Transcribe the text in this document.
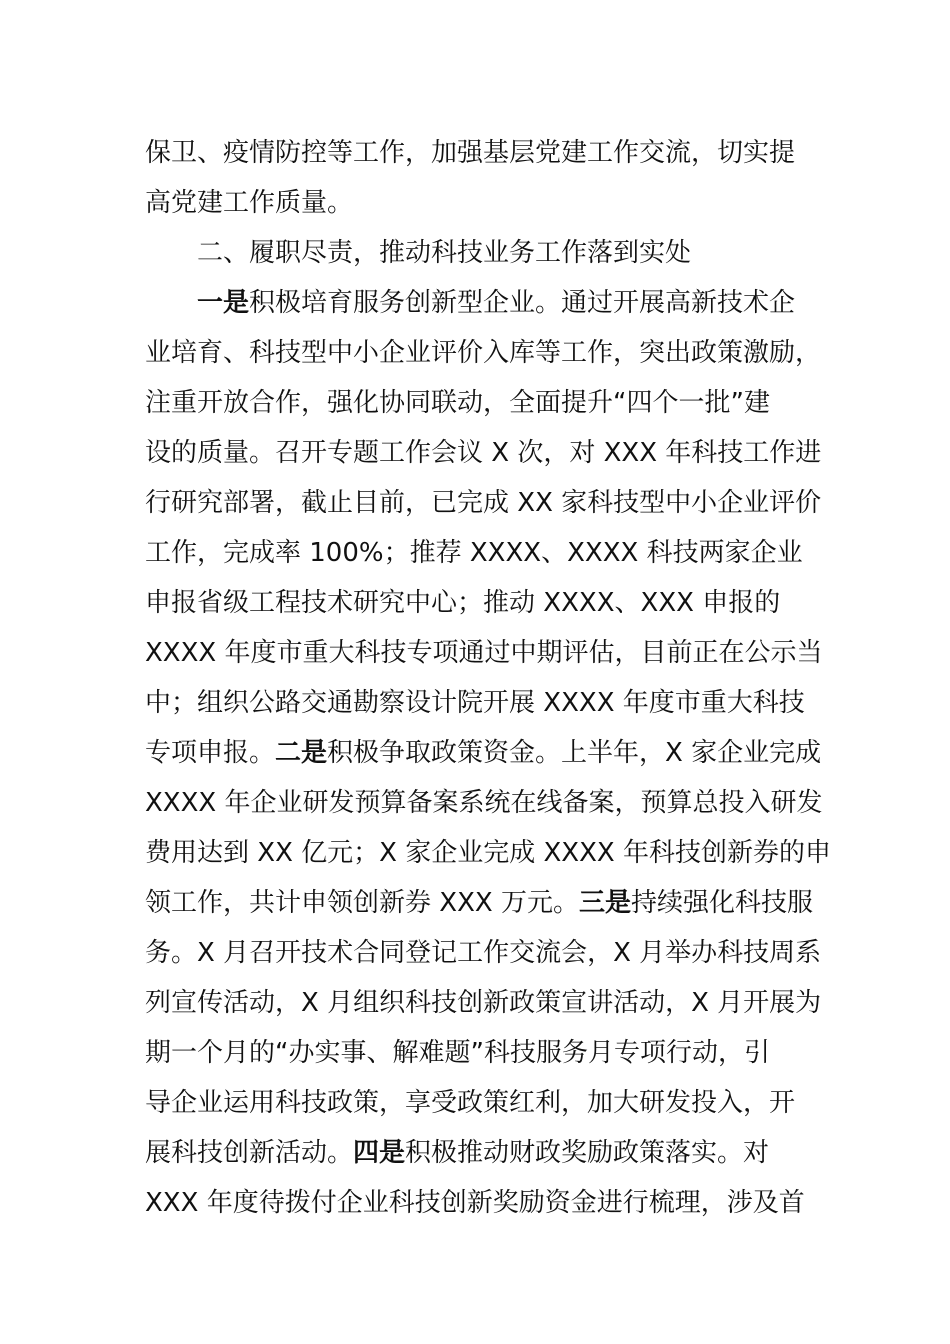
保卫、疫情防控等工作，加强基层党建工作交流，切实提
高党建工作质量。
二、履职尽责，推动科技业务工作落到实处
一是积极培育服务创新型企业。通过开展高新技术企
业培育、科技型中小企业评价入库等工作，突出政策激励，
注重开放合作，强化协同联动，全面提升“四个一批”建
设的质量。召开专题工作会议 X 次，对 XXX 年科技工作进
行研究部署，截止目前，已完成 XX 家科技型中小企业评价
工作，完成率 100%；推荐 XXXX、XXXX 科技两家企业
申报省级工程技术研究中心；推动 XXXX、XXX 申报的
XXXX 年度市重大科技专项通过中期评估，目前正在公示当
中；组织公路交通勘察设计院开展 XXXX 年度市重大科技
专项申报。二是积极争取政策资金。上半年，X 家企业完成
XXXX 年企业研发预算备案系统在线备案，预算总投入研发
费用达到 XX 亿元；X 家企业完成 XXXX 年科技创新券的申
领工作，共计申领创新券 XXX 万元。三是持续强化科技服
务。X 月召开技术合同登记工作交流会，X 月举办科技周系
列宣传活动，X 月组织科技创新政策宣讲活动，X 月开展为
期一个月的“办实事、解难题”科技服务月专项行动，引
导企业运用科技政策，享受政策红利，加大研发投入，开
展科技创新活动。四是积极推动财政奖励政策落实。对
XXX 年度待拨付企业科技创新奖励资金进行梳理，涉及首
